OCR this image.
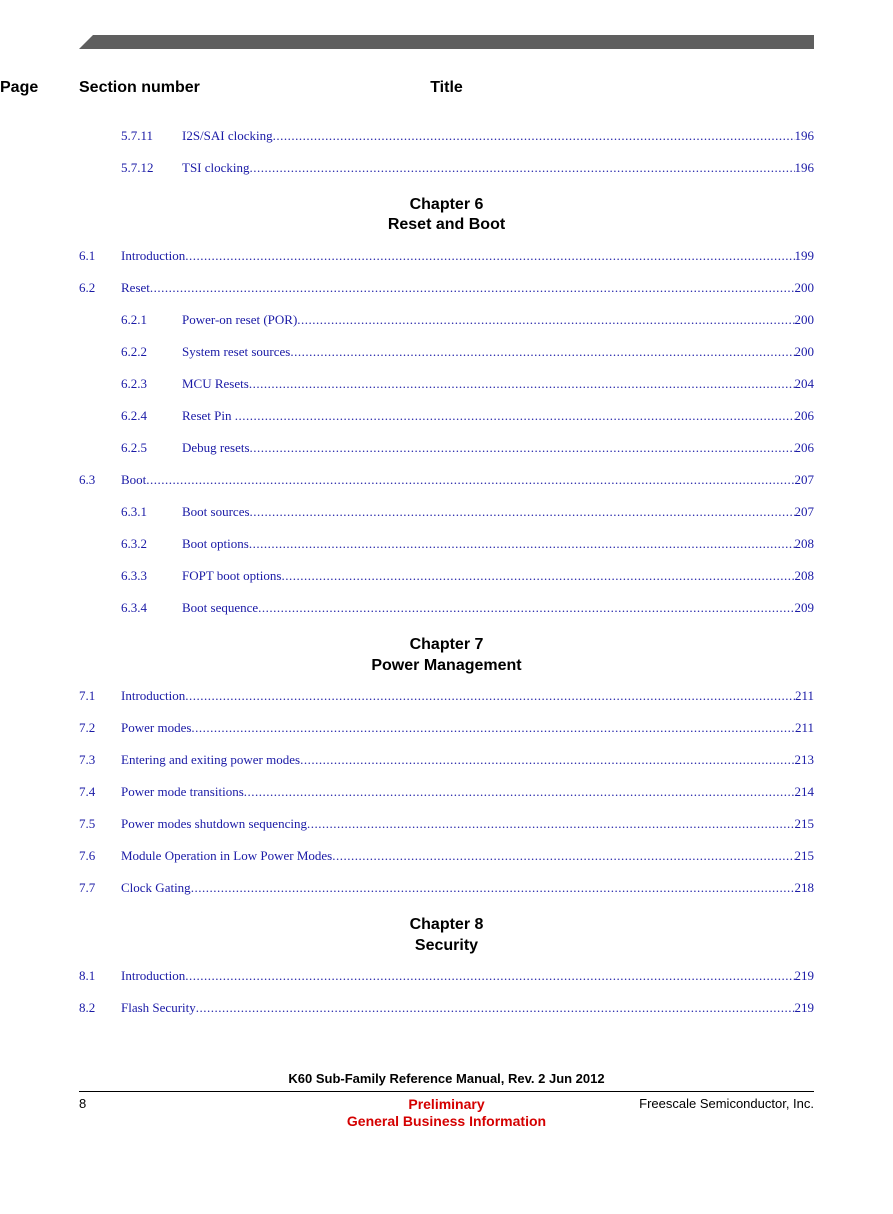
Section number	Title
Page
5.7.11 I2S/SAI clocking .....	196
5.7.12 TSI clocking .....	196
Chapter 6
Reset and Boot
6.1 Introduction .....	199
6.2 Reset .....	200
6.2.1	Power-on reset (POR) .....	200
6.2.2	System reset sources .....	200
6.2.3	MCU Resets .....	204
6.2.4	Reset Pin .....	206
6.2.5	Debug resets .....	206
6.3 Boot .....	207
6.3.1	Boot sources .....	207
6.3.2	Boot options .....	208
6.3.3	FOPT boot options .....	208
6.3.4	Boot sequence .....	209
Chapter 7
Power Management
7.1 Introduction .....	211
7.2 Power modes .....	211
7.3 Entering and exiting power modes .....	213
7.4 Power mode transitions .....	214
7.5 Power modes shutdown sequencing .....	215
7.6 Module Operation in Low Power Modes .....	215
7.7 Clock Gating .....	218
Chapter 8
Security
8.1 Introduction .....	219
8.2 Flash Security .....	219
K60 Sub-Family Reference Manual, Rev. 2 Jun 2012
8	Preliminary	Freescale Semiconductor, Inc.
General Business Information
